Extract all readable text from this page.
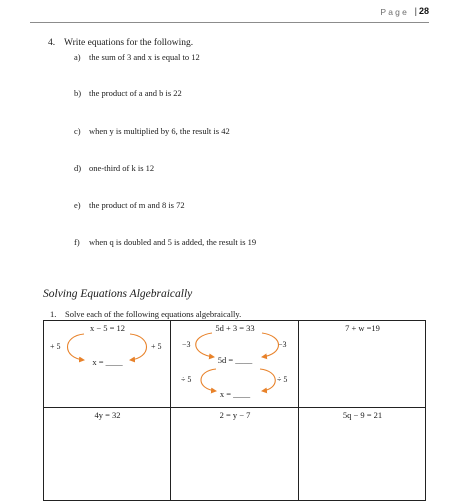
Page | 28
4. Write equations for the following.
a) the sum of 3 and x is equal to 12
b) the product of a and b is 22
c) when y is multiplied by 6, the result is 42
d) one-third of k is 12
e) the product of m and 8 is 72
f) when q is doubled and 5 is added, the result is 19
Solving Equations Algebraically
1. Solve each of the following equations algebraically.
x − 5 = 12
+ 5	+ 5
x = ____
5d + 3 = 33
−3	−3
5d = ____
÷ 5	÷ 5
x = ____
7 + w =19
4y = 32	2 = y − 7	5q − 9 = 21
